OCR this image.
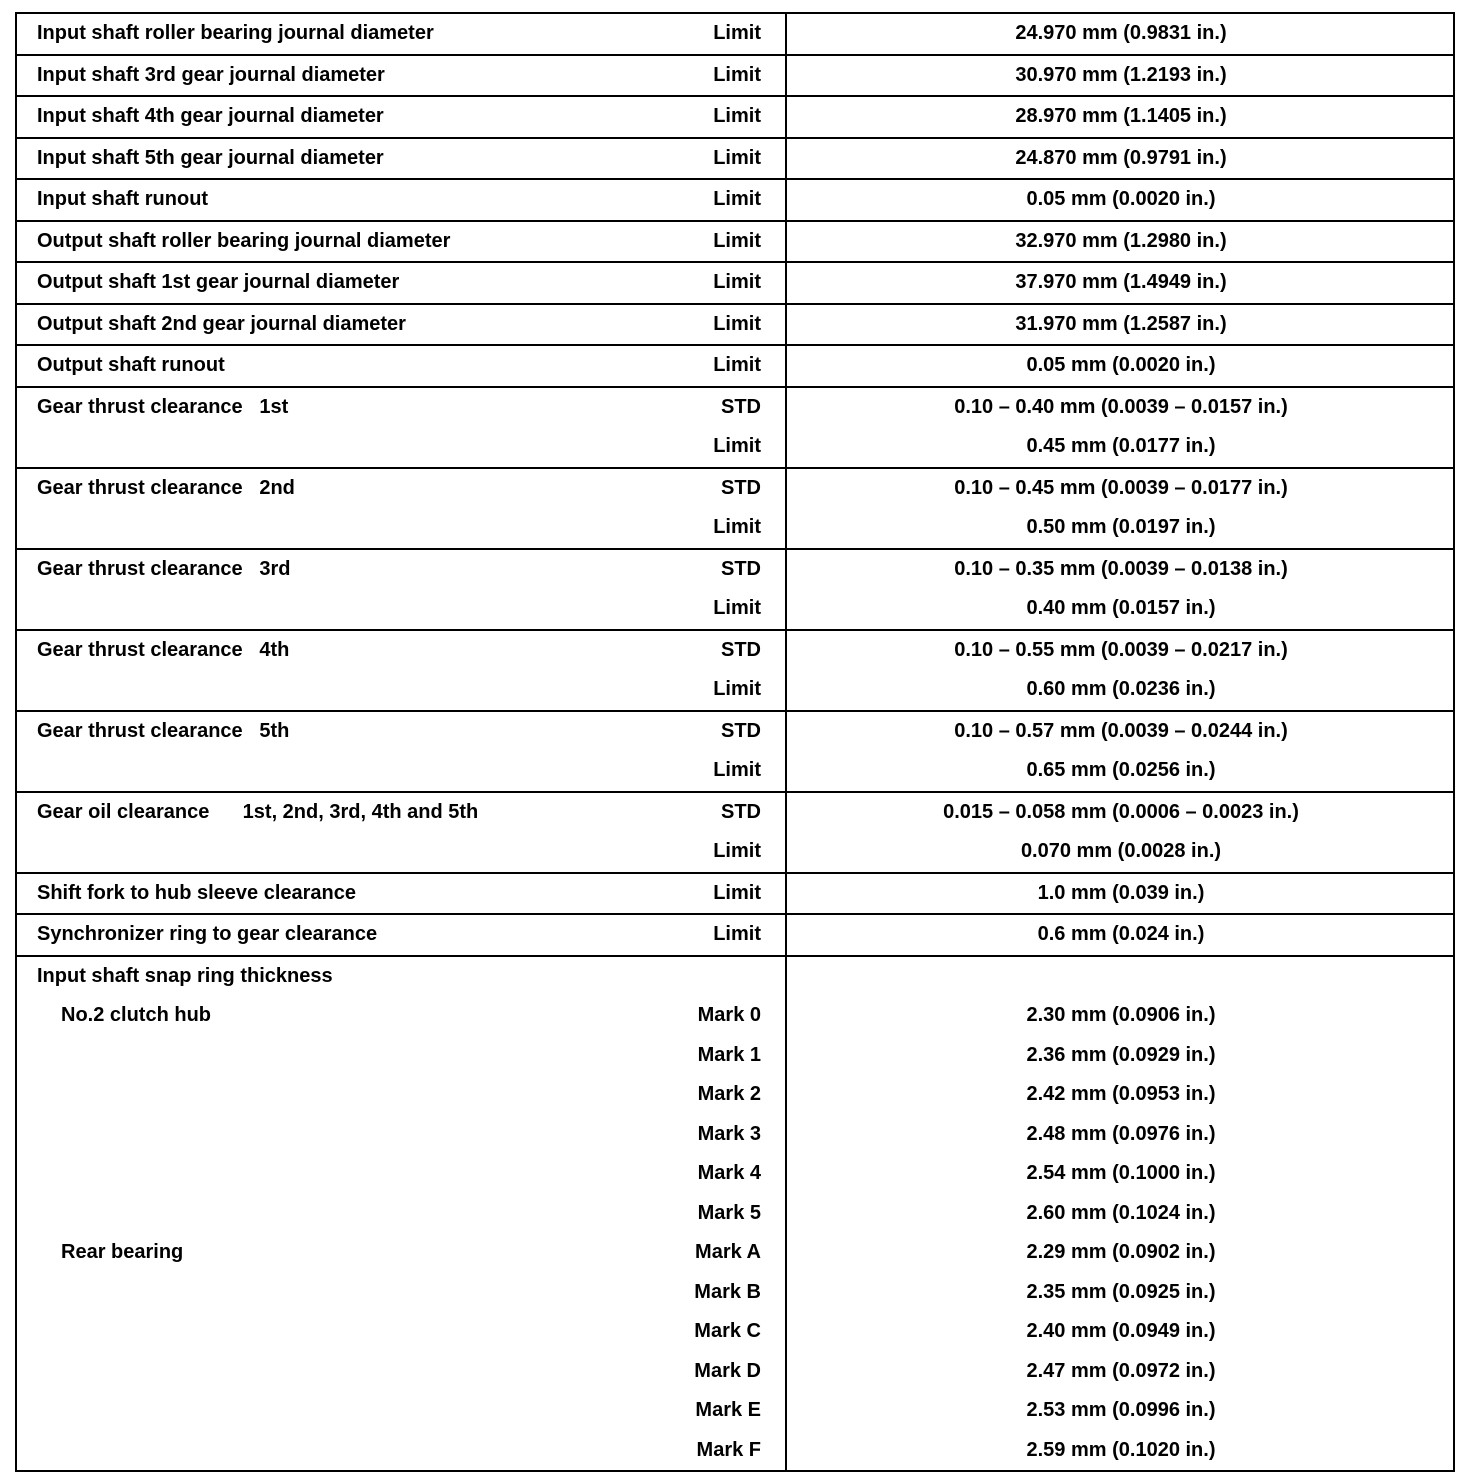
Input shaft roller bearing journal diameter	Limit	24.970 mm (0.9831 in.)
Input shaft 3rd gear journal diameter	Limit	30.970 mm (1.2193 in.)
Input shaft 4th gear journal diameter	Limit	28.970 mm (1.1405 in.)
Input shaft 5th gear journal diameter	Limit	24.870 mm (0.9791 in.)
Input shaft runout	Limit	0.05 mm (0.0020 in.)
Output shaft roller bearing journal diameter	Limit	32.970 mm (1.2980 in.)
Output shaft 1st gear journal diameter	Limit	37.970 mm (1.4949 in.)
Output shaft 2nd gear journal diameter	Limit	31.970 mm (1.2587 in.)
Output shaft runout	Limit	0.05 mm (0.0020 in.)
Gear thrust clearance   1st	STD	0.10 – 0.40 mm (0.0039 – 0.0157 in.)
Limit	0.45 mm (0.0177 in.)
Gear thrust clearance   2nd	STD	0.10 – 0.45 mm (0.0039 – 0.0177 in.)
Limit	0.50 mm (0.0197 in.)
Gear thrust clearance   3rd	STD	0.10 – 0.35 mm (0.0039 – 0.0138 in.)
Limit	0.40 mm (0.0157 in.)
Gear thrust clearance   4th	STD	0.10 – 0.55 mm (0.0039 – 0.0217 in.)
Limit	0.60 mm (0.0236 in.)
Gear thrust clearance   5th	STD	0.10 – 0.57 mm (0.0039 – 0.0244 in.)
Limit	0.65 mm (0.0256 in.)
Gear oil clearance      1st, 2nd, 3rd, 4th and 5th	STD	0.015 – 0.058 mm (0.0006 – 0.0023 in.)
Limit	0.070 mm (0.0028 in.)
Shift fork to hub sleeve clearance	Limit	1.0 mm (0.039 in.)
Synchronizer ring to gear clearance	Limit	0.6 mm (0.024 in.)
Input shaft snap ring thickness
No.2 clutch hub	Mark 0	2.30 mm (0.0906 in.)
Mark 1	2.36 mm (0.0929 in.)
Mark 2	2.42 mm (0.0953 in.)
Mark 3	2.48 mm (0.0976 in.)
Mark 4	2.54 mm (0.1000 in.)
Mark 5	2.60 mm (0.1024 in.)
Rear bearing	Mark A	2.29 mm (0.0902 in.)
Mark B	2.35 mm (0.0925 in.)
Mark C	2.40 mm (0.0949 in.)
Mark D	2.47 mm (0.0972 in.)
Mark E	2.53 mm (0.0996 in.)
Mark F	2.59 mm (0.1020 in.)
